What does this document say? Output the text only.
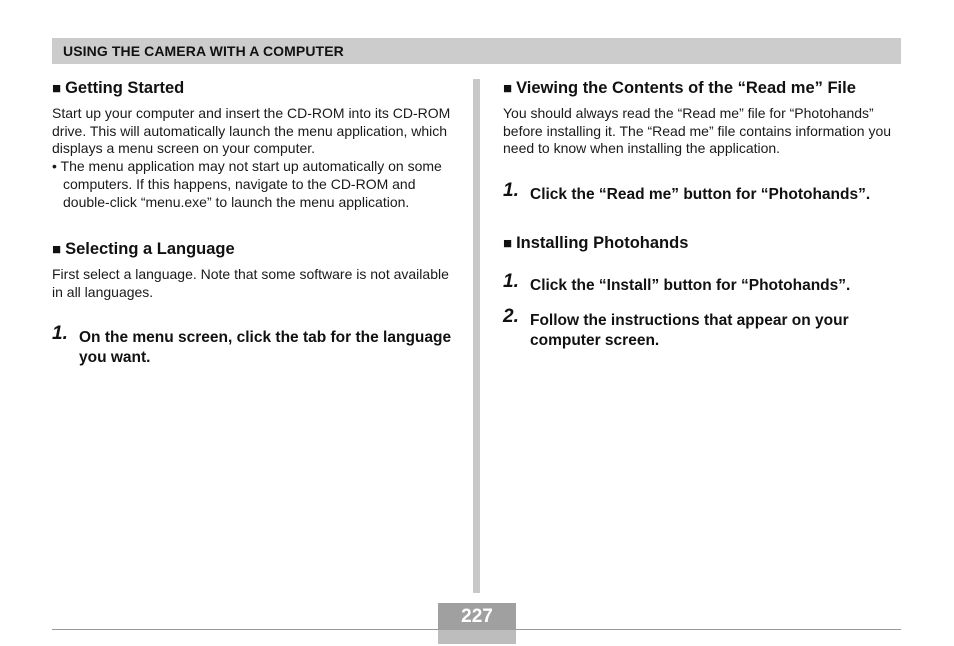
USING THE CAMERA WITH A COMPUTER
■ Getting Started

Start up your computer and insert the CD-ROM into its CD-ROM drive. This will automatically launch the menu application, which displays a menu screen on your computer.

• The menu application may not start up automatically on some computers. If this happens, navigate to the CD-ROM and double-click “menu.exe” to launch the menu application.

■ Selecting a Language

First select a language. Note that some software is not available in all languages.

1. On the menu screen, click the tab for the language you want.
■ Viewing the Contents of the “Read me” File

You should always read the “Read me” file for “Photohands” before installing it. The “Read me” file contains information you need to know when installing the application.

1. Click the “Read me” button for “Photohands”.
■ Installing Photohands
1. Click the “Install” button for “Photohands”.
2. Follow the instructions that appear on your computer screen.
227
